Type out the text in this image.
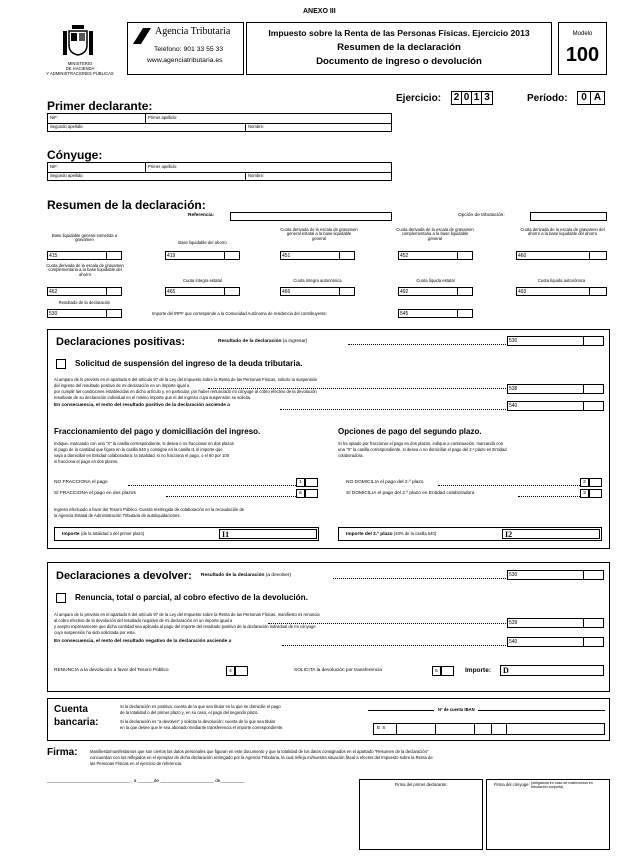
ANEXO III
MINISTERIO
DE HACIENDA
Y ADMINISTRACIONES PÚBLICAS
Agencia Tributaria
Teléfono: 901 33 55 33
www.agenciatributaria.es
Impuesto sobre la Renta de las Personas Físicas. Ejercicio 2013
Resumen de la declaración
Documento de ingreso o devolución
Modelo
100
Ejercicio: 2 0 1 3	Período:	0 A
Primer declarante:
NIF:	Primer apellido:
Segundo apellido:	Nombre:
Cónyuge:
NIF:	Primer apellido:
Segundo apellido:	Nombre:
Resumen de la declaración:
Referencia:	Opción de tributación:
Base liquidable general sometida a gravamen
415
Base liquidable del ahorro
419
Cuota derivada de la escala de gravamen general estatal a la base liquidable general
451
Cuota derivada de la escala de gravamen complementaria a la base liquidable general
452
Cuota derivada de la escala de gravamen del ahorro a la base liquidable del ahorro
460
Cuota derivada de la escala de gravamen complementaria a la base liquidable del ahorro
462
Cuota íntegra estatal
465
Cuota íntegra autonómica
466
Cuota líquida estatal
492
Cuota líquida autonómica
493
Resultado de la declaración
530	Importe del IRPF que corresponde a la Comunidad Autónoma de residencia del contribuyente:	545
Declaraciones positivas:	Resultado de la declaración (a ingresar)	530
Solicitud de suspensión del ingreso de la deuda tributaria.
Al amparo de lo previsto en el apartado 6 del artículo 97 de la Ley del Impuesto sobre la Renta de las Personas Físicas, solicito la suspensión
del ingreso del resultado positivo de mi declaración en un importe igual a
por cumplir las condiciones establecidas en dicho artículo y, en particular, por haber renunciado mi cónyuge al cobro efectivo de la devolución
resultante de su declaración individual en el mismo importe que el del ingreso cuya suspensión se solicita.
538
En consecuencia, el resto del resultado positivo de la declaración asciende a	540
Fraccionamiento del pago y domiciliación del ingreso.
Indique, marcando con una "X" la casilla correspondiente, si desea o no fraccionar en dos plazos
el pago de la cantidad que figura en la casilla 540 y consigne en la casilla I1 el importe que
vaya a domiciliar en Entidad colaboradora: la totalidad, si no fracciona el pago, o el 60 por 100
si fracciona el pago en dos plazos.
NO FRACCIONA el pago	1
SÍ FRACCIONA el pago en dos plazos	6
Ingreso efectuado a favor del Tesoro Público. Cuenta restringida de colaboración en la recaudación de
la Agencia Estatal de Administración Tributaria de autoliquidaciones.
Importe (de la totalidad o del primer plazo)	I1
Opciones de pago del segundo plazo.
Si ha optado por fraccionar el pago en dos plazos, indique a continuación, marcando con
una "X" la casilla correspondiente, si desea o no domiciliar el pago del 2.º plazo en Entidad
colaboradora.
NO DOMICILIA el pago del 2.º plazo	2
SÍ DOMICILIA el pago del 2.º plazo en Entidad colaboradora	3
Importe del 2.º plazo (40% de la casilla 540)	I2
Declaraciones a devolver: Resultado de la declaración (a devolver)	530
Renuncia, total o parcial, al cobro efectivo de la devolución.
Al amparo de lo previsto en el apartado 6 del artículo 97 de la Ley del Impuesto sobre la Renta de las Personas Físicas, manifiesto mi renuncia
al cobro efectivo de la devolución del resultado negativo de mi declaración en un importe igual a
y acepto expresamente que dicha cantidad sea aplicada al pago del importe del resultado positivo de la declaración individual de mi cónyuge
cuya suspensión ha sido solicitada por este.
539
En consecuencia, el resto del resultado negativo de la declaración asciende a	540
RENUNCIA a la devolución a favor del Tesoro Público	4	SOLICITA la devolución por transferencia	5	Importe:	D
Cuenta
bancaria:
Si la declaración es positiva: cuenta de la que sea titular en la que se domicilie el pago
de la totalidad o del primer plazo y, en su caso, el pago del segundo plazo.
Si la declaración es "a devolver" y solicita la devolución: cuenta de la que sea titular
en la que desee que le sea abonado mediante transferencia el importe correspondiente.
Nº de cuenta IBAN
ES
Firma:	Manifiesto/manifestamos que son ciertos los datos personales que figuran en este documento y que la totalidad de los datos consignados en el apartado "Resumen de la declaración"
concuerdan con los reflejados en el ejemplar de dicha declaración entregado por la Agencia Tributaria, la cual refleja mi/nuestra situación fiscal a efectos del Impuesto sobre la Renta de
las Personas Físicas en el ejercicio de referencia.
_______________________________ , a ______de ____________________ de_________
Firma del primer declarante:	Firma del cónyuge: (obligatoria en caso de matrimonios en tributación conjunta)
